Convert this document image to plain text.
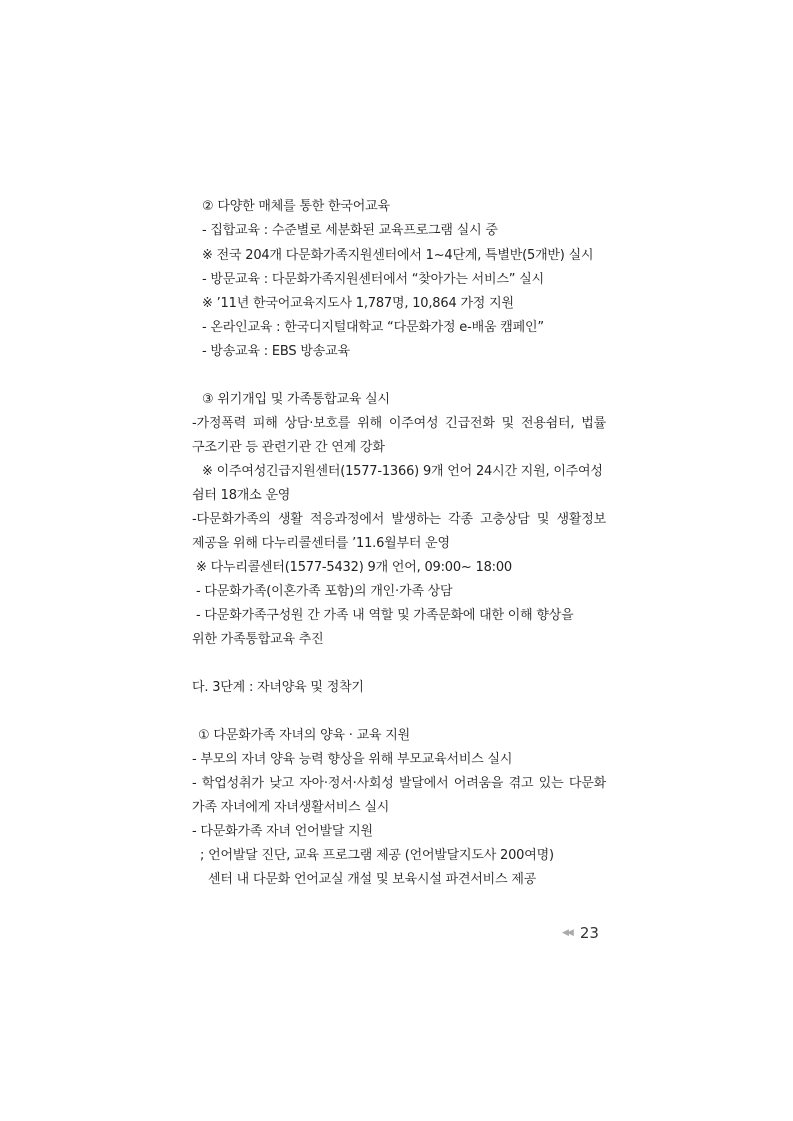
② 다양한 매체를 통한 한국어교육

- 집합교육 : 수준별로 세분화된 교육프로그램 실시 중

※ 전국 204개 다문화가족지원센터에서 1~4단계, 특별반(5개반) 실시

- 방문교육 : 다문화가족지원센터에서 “찾아가는 서비스” 실시

※ ’11년 한국어교육지도사 1,787명, 10,864 가정 지원

- 온라인교육 : 한국디지털대학교 “다문화가정 e-배움 캠페인”

- 방송교육 : EBS 방송교육

③ 위기개입 및 가족통합교육 실시

-가정폭력 피해 상담·보호를 위해 이주여성 긴급전화 및 전용쉼터, 법률

구조기관 등 관련기관 간 연계 강화

※ 이주여성긴급지원센터(1577-1366) 9개 언어 24시간 지원, 이주여성

쉼터 18개소 운영

-다문화가족의 생활 적응과정에서 발생하는 각종 고충상담 및 생활정보

제공을 위해 다누리콜센터를 ’11.6월부터 운영

※ 다누리콜센터(1577-5432) 9개 언어, 09:00~ 18:00

- 다문화가족(이혼가족 포함)의 개인·가족 상담

- 다문화가족구성원 간 가족 내 역할 및 가족문화에 대한 이해 향상을

위한 가족통합교육 추진

다. 3단계 : 자녀양육 및 정착기

① 다문화가족 자녀의 양육 · 교육 지원

- 부모의 자녀 양육 능력 향상을 위해 부모교육서비스 실시

- 학업성취가 낮고 자아·정서·사회성 발달에서 어려움을 겪고 있는 다문화

가족 자녀에게 자녀생활서비스 실시

- 다문화가족 자녀 언어발달 지원

; 언어발달 진단, 교육 프로그램 제공 (언어발달지도사 200여명)

센터 내 다문화 언어교실 개설 및 보육시설 파견서비스 제공

◀◀ 23
